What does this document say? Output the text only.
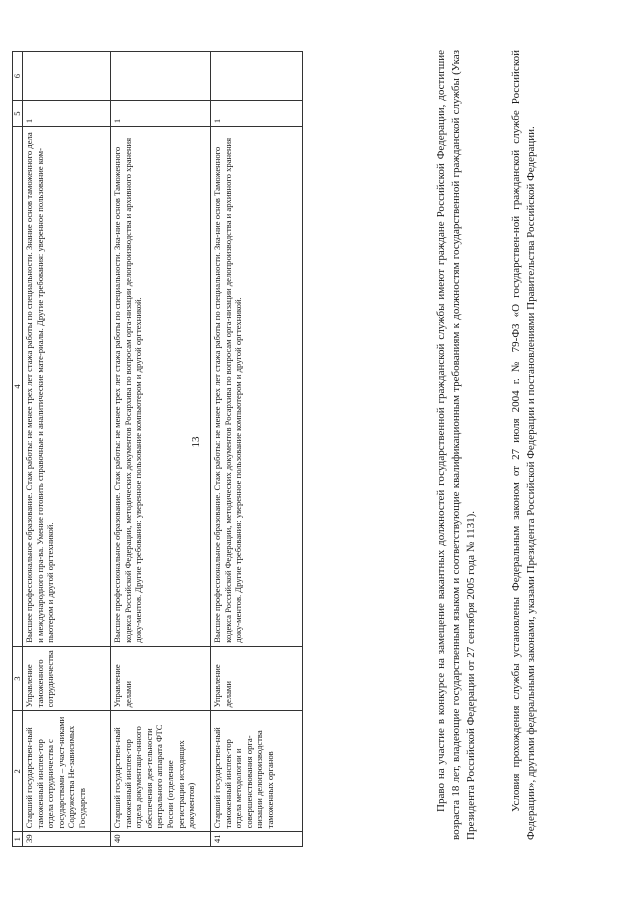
13
1	2	3	4	5	6
39	Старший государствен-ный таможенный инспек-тор отдела сотрудничества с государствами – участ-никами Содружества Не-зависимых Государств	Управление таможенного сотрудничества	Высшее профессиональное образование. Стаж работы: не менее трех лет стажа работы по специальности. Знание основ таможенного дела и международного пра-ва. Умение готовить справочные и аналитические мате-риалы. Другие требования: уверенное пользование ком-пьютером и другой оргтехникой.	1	
40	Старший государствен-ный таможенный инспек-тор отдела документаци-онного обеспечения дея-тельности центрального аппарата ФТС России (отделение регистрации исходящих документов)	Управление делами	Высшее профессиональное образование. Стаж работы: не менее трех лет стажа работы по специальности. Зна-ние основ Таможенного кодекса Российской Федерации, методических документов Росархива по вопросам орга-низации делопроизводства и архивного хранения доку-ментов. Другие требования: уверенное пользование компьютером и другой оргтехникой.	1	
41	Старший государствен-ный таможенный инспек-тор отдела методологии и совершенствования орга-низации делопроизводства таможенных органов	Управление делами	Высшее профессиональное образование. Стаж работы: не менее трех лет стажа работы по специальности. Зна-ние основ Таможенного кодекса Российской Федерации, методических документов Росархива по вопросам орга-низации делопроизводства и архивного хранения доку-ментов. Другие требования: уверенное пользование компьютером и другой оргтехникой.	1		Право на участие в конкурсе на замещение вакантных должностей государственной гражданской службы имеют граждане Российской Федерации, достигшие возраста 18 лет, владеющие государственным языком и соответствующие квалификационным требованиям к должностям государственной гражданской службы (Указ Президента Российской Федерации от 27 сентября 2005 года № 1131).	Условия прохождения службы установлены Федеральным законом от 27 июля 2004 г. № 79-ФЗ «О государствен-ной гражданской службе Российской Федерации», другими федеральными законами, указами Президента Российской Федерации и постановлениями Правительства Российской Федерации.
